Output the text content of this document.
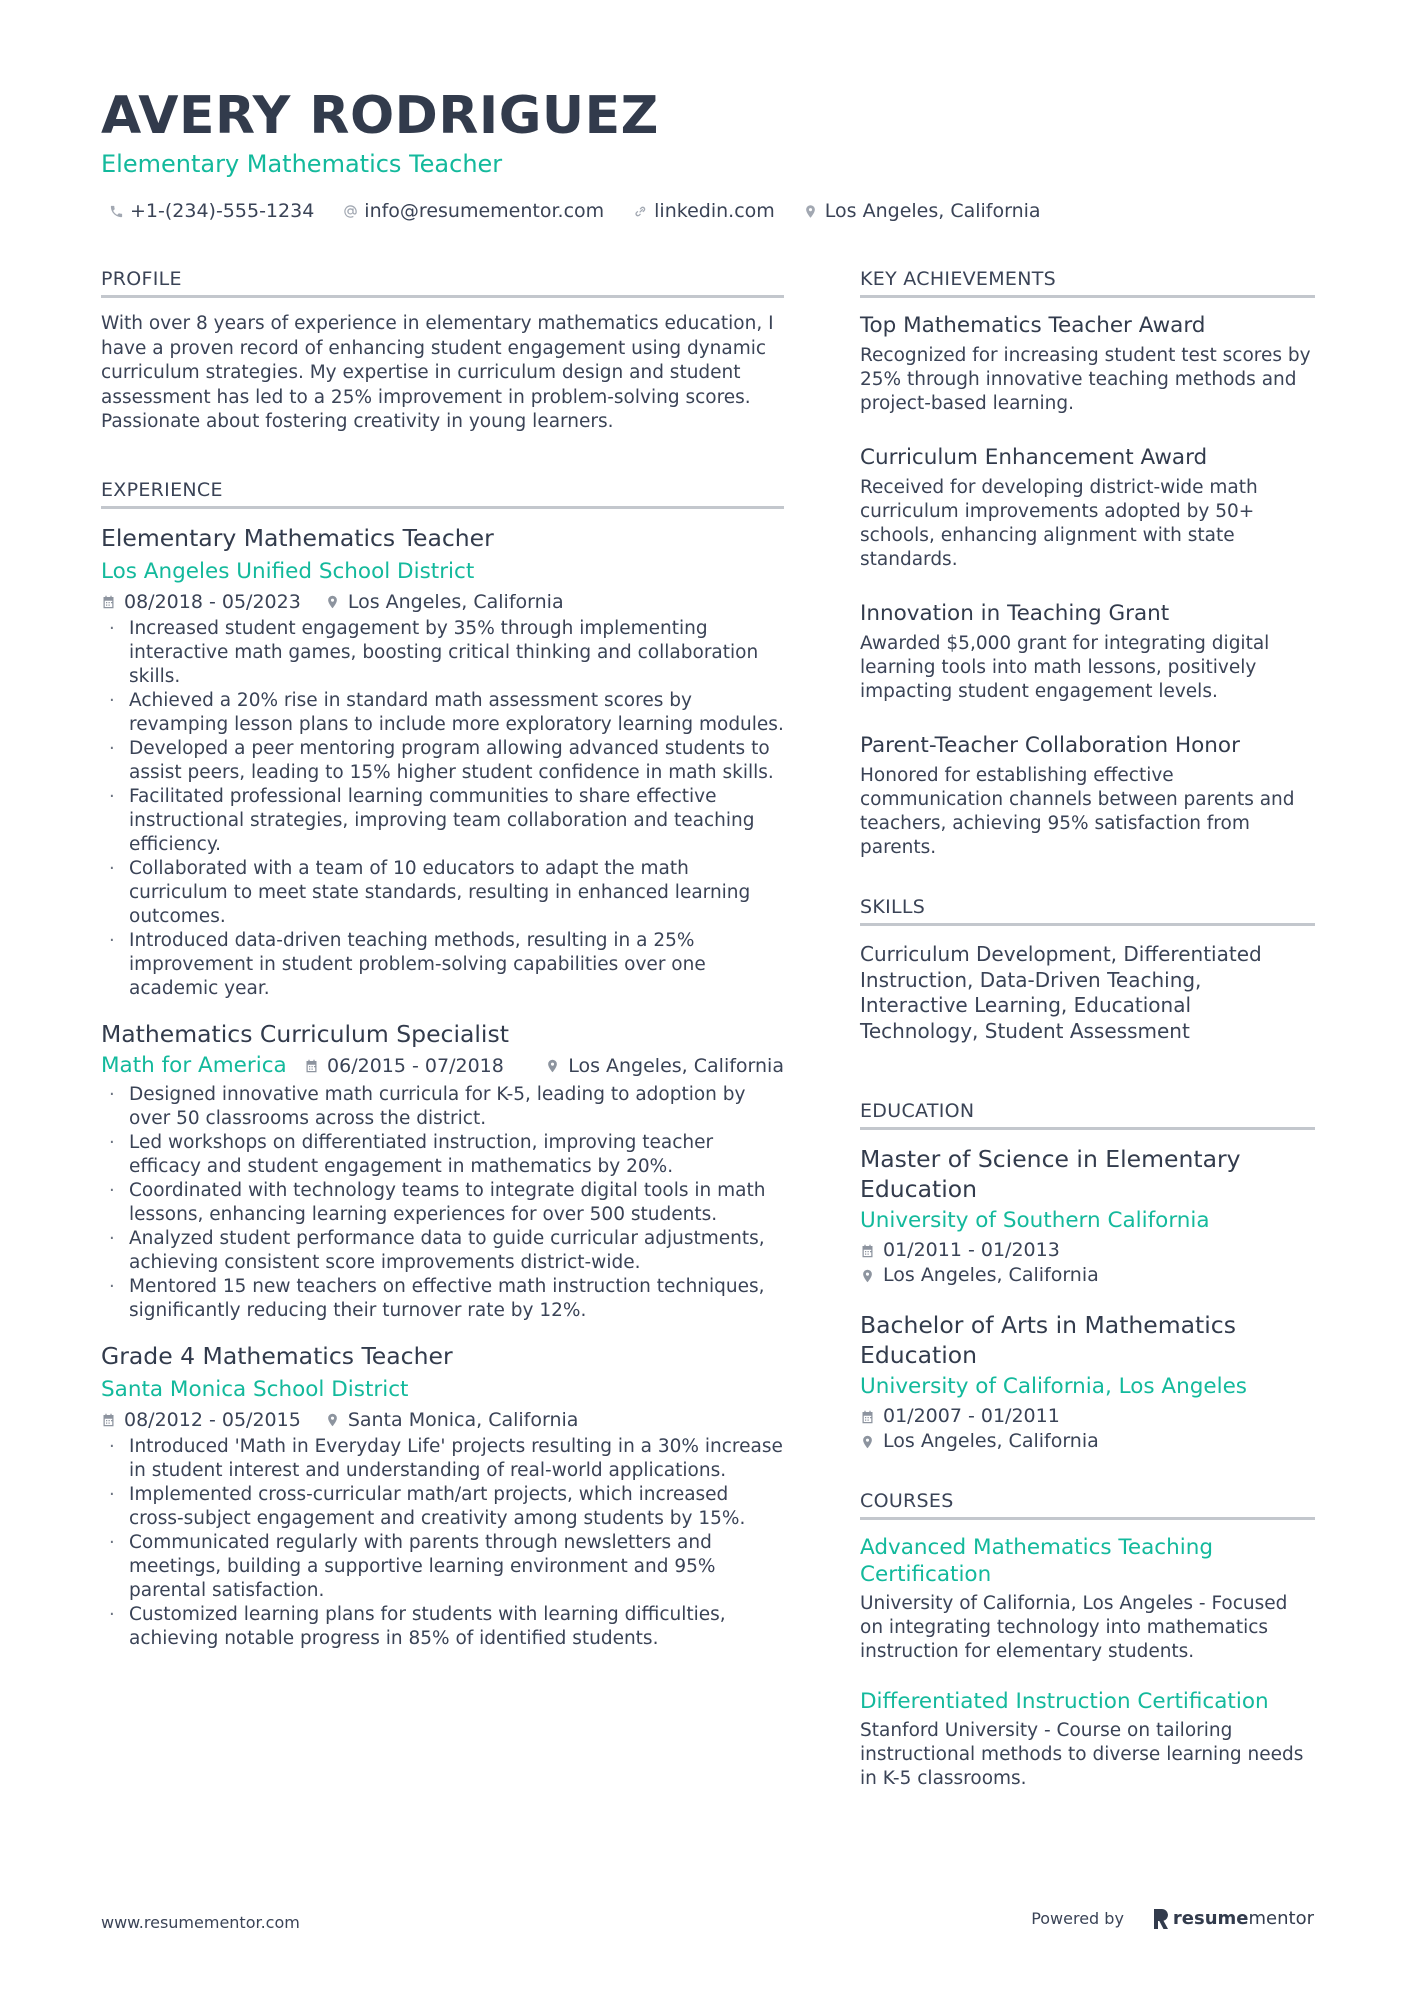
AVERY RODRIGUEZ
Elementary Mathematics Teacher
+1-(234)-555-1234	info@resumementor.com	linkedin.com	Los Angeles, California
PROFILE
With over 8 years of experience in elementary mathematics education, I have a proven record of enhancing student engagement using dynamic curriculum strategies. My expertise in curriculum design and student assessment has led to a 25% improvement in problem-solving scores. Passionate about fostering creativity in young learners.
EXPERIENCE
Elementary Mathematics Teacher
Los Angeles Unified School District
08/2018 - 05/2023 Los Angeles, California
· Increased student engagement by 35% through implementing interactive math games, boosting critical thinking and collaboration skills.
· Achieved a 20% rise in standard math assessment scores by revamping lesson plans to include more exploratory learning modules.
· Developed a peer mentoring program allowing advanced students to assist peers, leading to 15% higher student confidence in math skills.
· Facilitated professional learning communities to share effective instructional strategies, improving team collaboration and teaching efficiency.
· Collaborated with a team of 10 educators to adapt the math curriculum to meet state standards, resulting in enhanced learning outcomes.
· Introduced data-driven teaching methods, resulting in a 25% improvement in student problem-solving capabilities over one academic year.
Mathematics Curriculum Specialist
Math for America 06/2015 - 07/2018	Los Angeles, California
· Designed innovative math curricula for K-5, leading to adoption by over 50 classrooms across the district.
· Led workshops on differentiated instruction, improving teacher efficacy and student engagement in mathematics by 20%.
· Coordinated with technology teams to integrate digital tools in math lessons, enhancing learning experiences for over 500 students.
· Analyzed student performance data to guide curricular adjustments, achieving consistent score improvements district-wide.
· Mentored 15 new teachers on effective math instruction techniques, significantly reducing their turnover rate by 12%.
Grade 4 Mathematics Teacher
Santa Monica School District
08/2012 - 05/2015 Santa Monica, California
· Introduced 'Math in Everyday Life' projects resulting in a 30% increase in student interest and understanding of real-world applications.
· Implemented cross-curricular math/art projects, which increased cross-subject engagement and creativity among students by 15%.
· Communicated regularly with parents through newsletters and meetings, building a supportive learning environment and 95% parental satisfaction.
· Customized learning plans for students with learning difficulties, achieving notable progress in 85% of identified students.
KEY ACHIEVEMENTS
Top Mathematics Teacher Award
Recognized for increasing student test scores by 25% through innovative teaching methods and project-based learning.
Curriculum Enhancement Award
Received for developing district-wide math curriculum improvements adopted by 50+ schools, enhancing alignment with state standards.
Innovation in Teaching Grant
Awarded $5,000 grant for integrating digital learning tools into math lessons, positively impacting student engagement levels.
Parent-Teacher Collaboration Honor
Honored for establishing effective communication channels between parents and teachers, achieving 95% satisfaction from parents.
SKILLS
Curriculum Development, Differentiated Instruction, Data-Driven Teaching, Interactive Learning, Educational Technology, Student Assessment
EDUCATION
Master of Science in Elementary Education
University of Southern California
01/2011 - 01/2013
Los Angeles, California
Bachelor of Arts in Mathematics Education
University of California, Los Angeles
01/2007 - 01/2011
Los Angeles, California
COURSES
Advanced Mathematics Teaching Certification
University of California, Los Angeles - Focused on integrating technology into mathematics instruction for elementary students.
Differentiated Instruction Certification
Stanford University - Course on tailoring instructional methods to diverse learning needs in K-5 classrooms.
www.resumementor.com	Powered by	resume mentor
